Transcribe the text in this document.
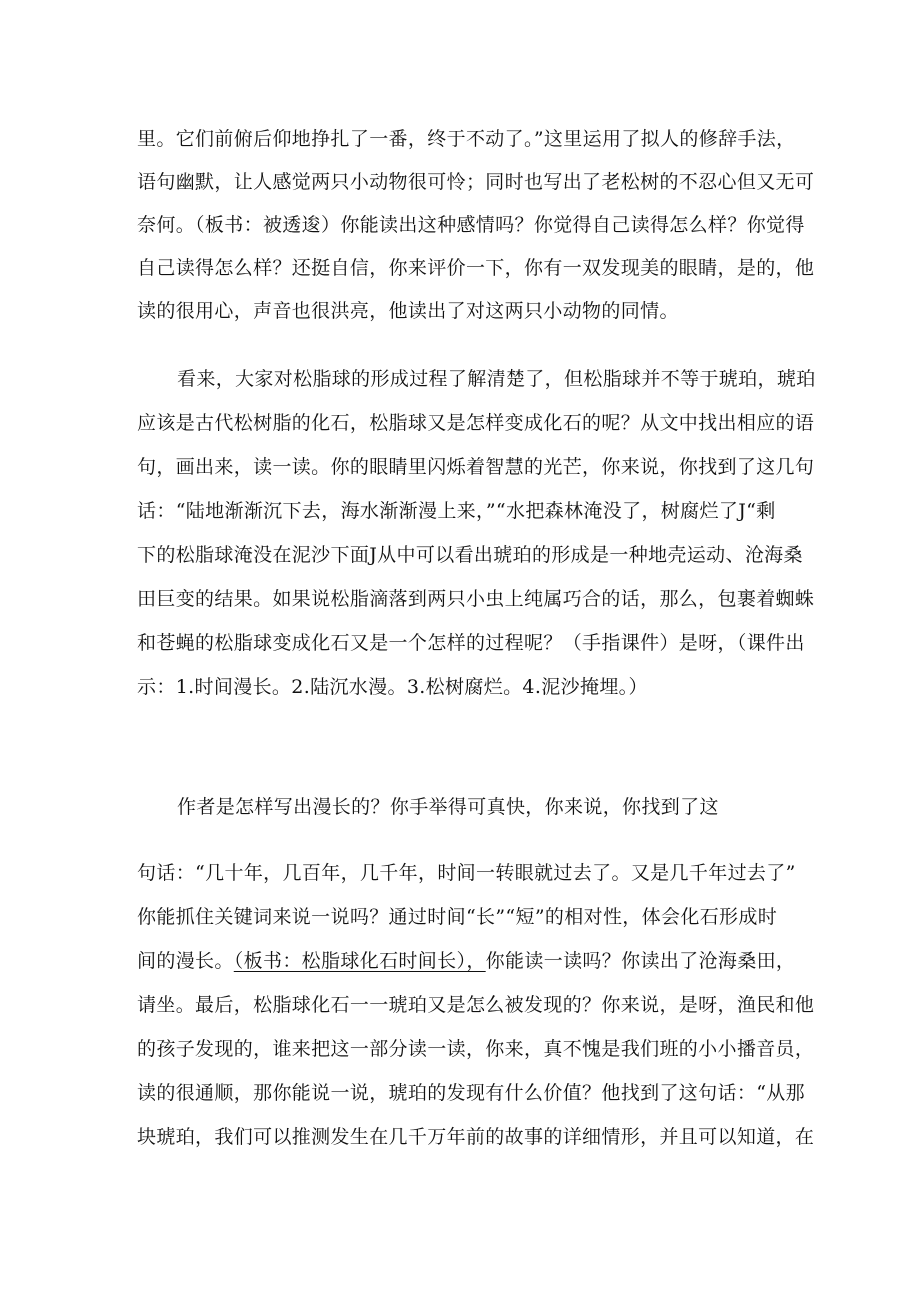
里。它们前俯后仰地挣扎了一番，终于不动了。”这里运用了拟人的修辞手法，
语句幽默，让人感觉两只小动物很可怜；同时也写出了老松树的不忍心但又无可
奈何。（板书：被透逡）你能读出这种感情吗？你觉得自己读得怎么样？你觉得
自己读得怎么样？还挺自信，你来评价一下，你有一双发现美的眼睛，是的，他
读的很用心，声音也很洪亮，他读出了对这两只小动物的同情。
看来，大家对松脂球的形成过程了解清楚了，但松脂球并不等于琥珀，琥珀
应该是古代松树脂的化石，松脂球又是怎样变成化石的呢？从文中找出相应的语
句，画出来，读一读。你的眼睛里闪烁着智慧的光芒，你来说，你找到了这几句
话：“陆地渐渐沉下去，海水渐渐漫上来，”“水把森林淹没了，树腐烂了J“剩
下的松脂球淹没在泥沙下面J从中可以看出琥珀的形成是一种地壳运动、沧海桑
田巨变的结果。如果说松脂滴落到两只小虫上纯属巧合的话，那么，包裹着蜘蛛
和苍蝇的松脂球变成化石又是一个怎样的过程呢？（手指课件）是呀，（课件出
示：1.时间漫长。2.陆沉水漫。3.松树腐烂。4.泥沙掩埋。）
作者是怎样写出漫长的？你手举得可真快，你来说，你找到了这
句话：“几十年，几百年，几千年，时间一转眼就过去了。又是几千年过去了”
你能抓住关键词来说一说吗？通过时间“长”“短”的相对性，体会化石形成时
间的漫长。（板书：松脂球化石时间长），你能读一读吗？你读出了沧海桑田，
请坐。最后，松脂球化石一一琥珀又是怎么被发现的？你来说，是呀，渔民和他
的孩子发现的，谁来把这一部分读一读，你来，真不愧是我们班的小小播音员，
读的很通顺，那你能说一说，琥珀的发现有什么价值？他找到了这句话：“从那
块琥珀，我们可以推测发生在几千万年前的故事的详细情形，并且可以知道，在
